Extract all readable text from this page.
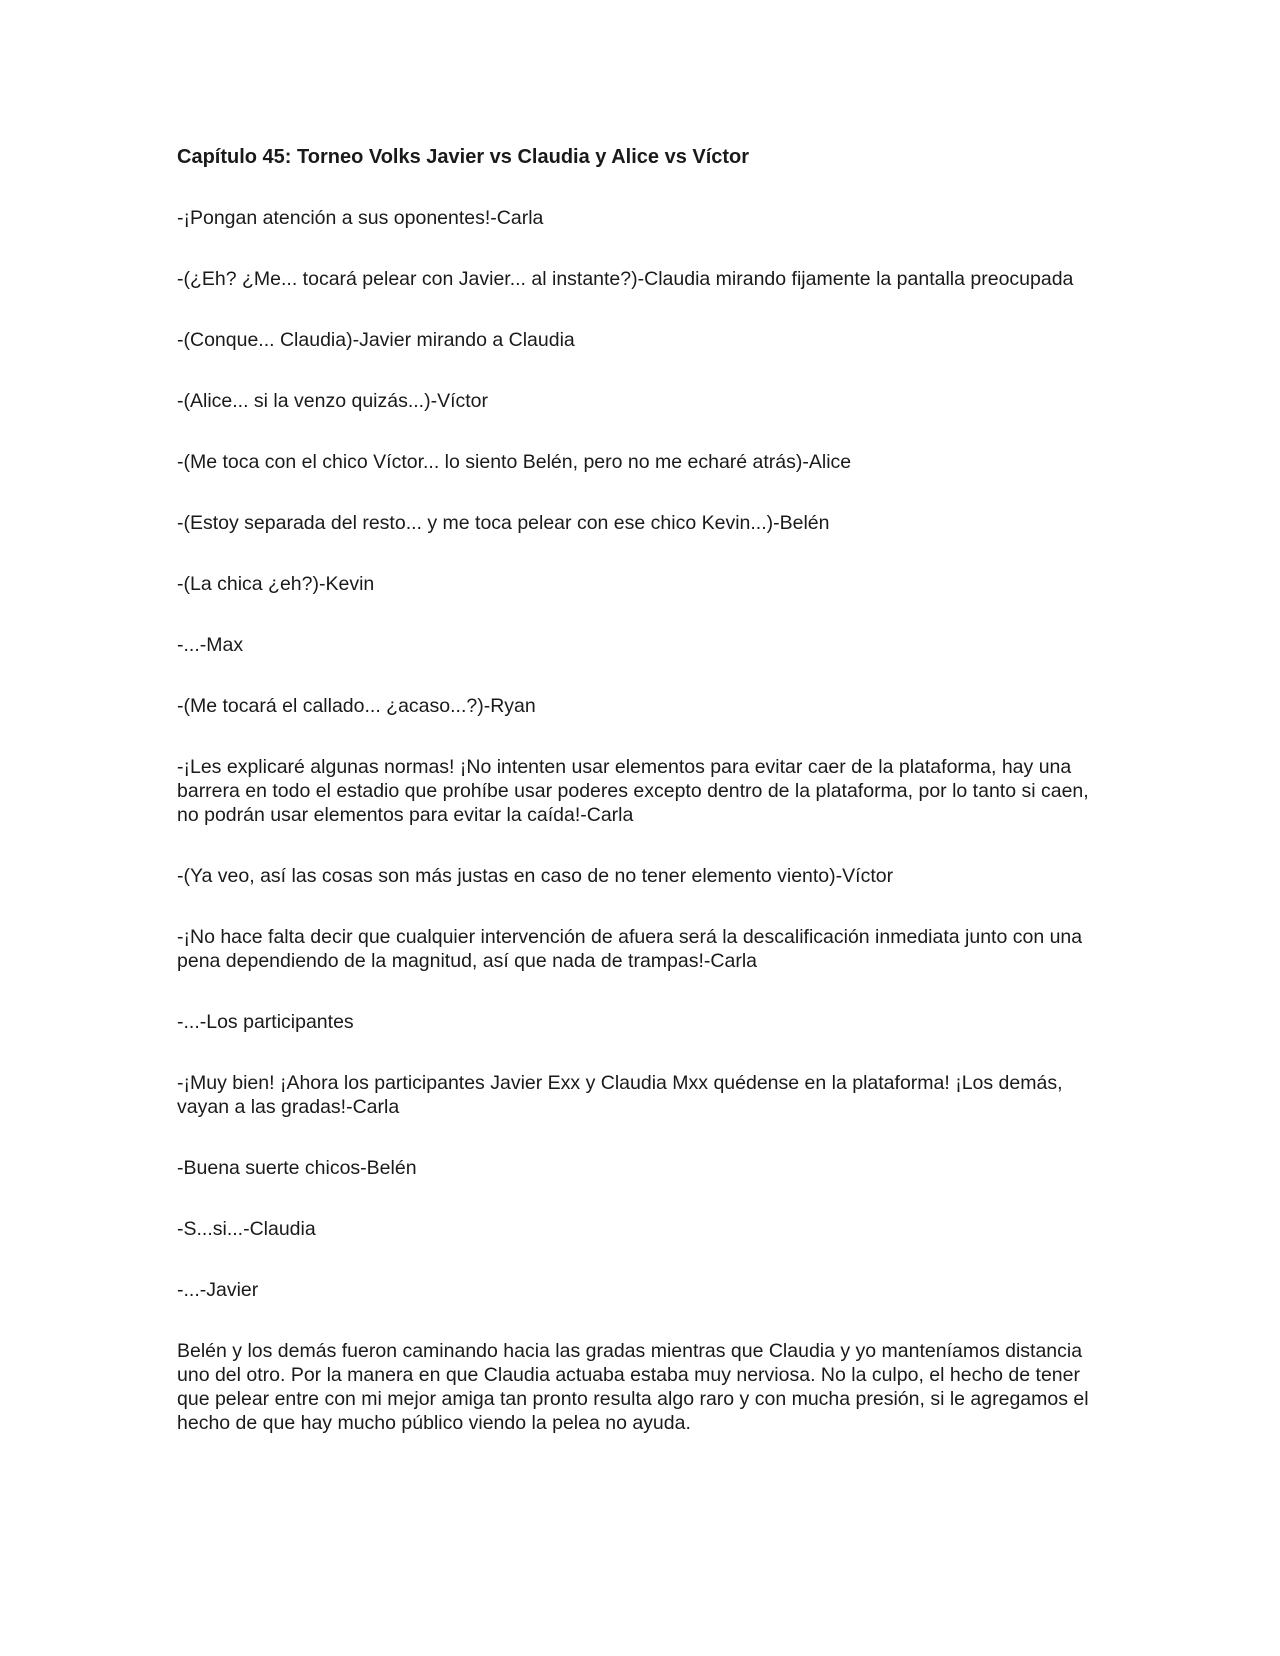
Capítulo 45: Torneo Volks Javier vs Claudia y Alice vs Víctor
-¡Pongan atención a sus oponentes!-Carla
-(¿Eh? ¿Me... tocará pelear con Javier... al instante?)-Claudia mirando fijamente la pantalla preocupada
-(Conque... Claudia)-Javier mirando a Claudia
-(Alice... si la venzo quizás...)-Víctor
-(Me toca con el chico Víctor... lo siento Belén, pero no me echaré atrás)-Alice
-(Estoy separada del resto... y me toca pelear con ese chico Kevin...)-Belén
-(La chica ¿eh?)-Kevin
-...-Max
-(Me tocará el callado... ¿acaso...?)-Ryan
-¡Les explicaré algunas normas! ¡No intenten usar elementos para evitar caer de la plataforma, hay una barrera en todo el estadio que prohíbe usar poderes excepto dentro de la plataforma, por lo tanto si caen, no podrán usar elementos para evitar la caída!-Carla
-(Ya veo, así las cosas son más justas en caso de no tener elemento viento)-Víctor
-¡No hace falta decir que cualquier intervención de afuera será la descalificación inmediata junto con una pena dependiendo de la magnitud, así que nada de trampas!-Carla
-...-Los participantes
-¡Muy bien! ¡Ahora los participantes Javier Exx y Claudia Mxx quédense en la plataforma! ¡Los demás, vayan a las gradas!-Carla
-Buena suerte chicos-Belén
-S...si...-Claudia
-...-Javier
Belén y los demás fueron caminando hacia las gradas mientras que Claudia y yo manteníamos distancia uno del otro. Por la manera en que Claudia actuaba estaba muy nerviosa. No la culpo, el hecho de tener que pelear entre con mi mejor amiga tan pronto resulta algo raro y con mucha presión, si le agregamos el hecho de que hay mucho público viendo la pelea no ayuda.
